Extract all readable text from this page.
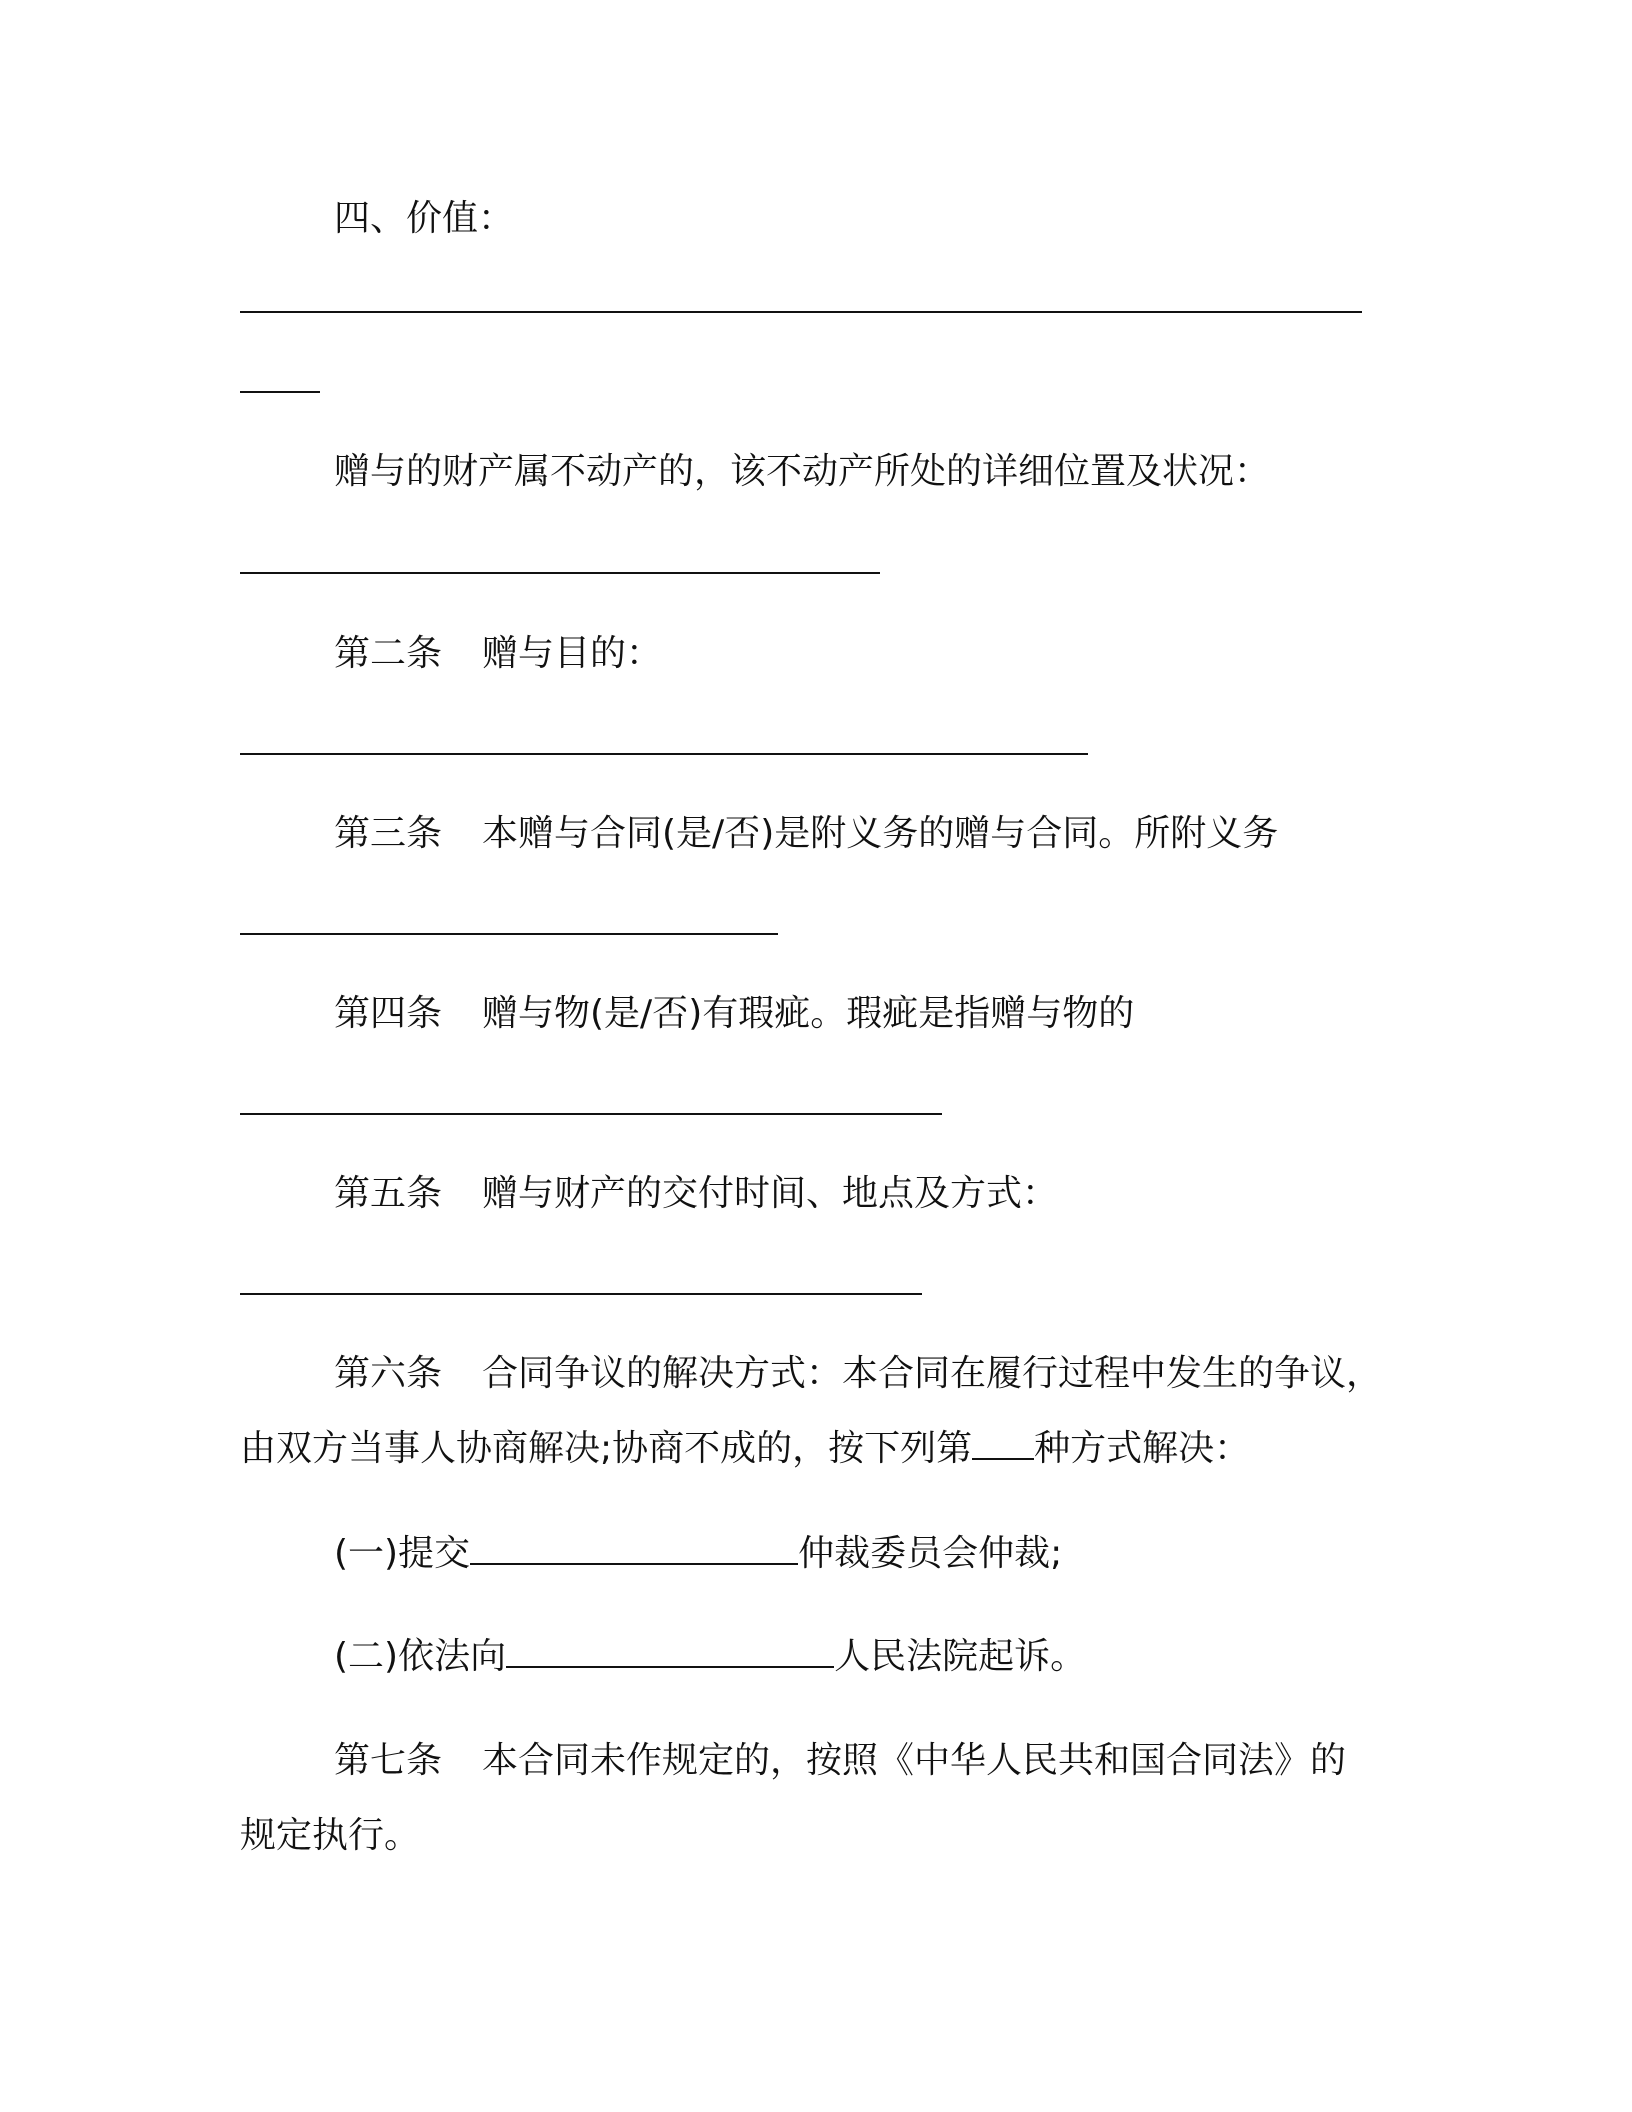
四、价值：
赠与的财产属不动产的，该不动产所处的详细位置及状况：
第二条 赠与目的：
第三条 本赠与合同(是/否)是附义务的赠与合同。所附义务
第四条 赠与物(是/否)有瑕疵。瑕疵是指赠与物的
第五条 赠与财产的交付时间、地点及方式：
第六条 合同争议的解决方式：本合同在履行过程中发生的争议，
由双方当事人协商解决;协商不成的，按下列第 种方式解决：
(一)提交	仲裁委员会仲裁;
(二)依法向	人民法院起诉。
第七条 本合同未作规定的，按照《中华人民共和国合同法》的
规定执行。
